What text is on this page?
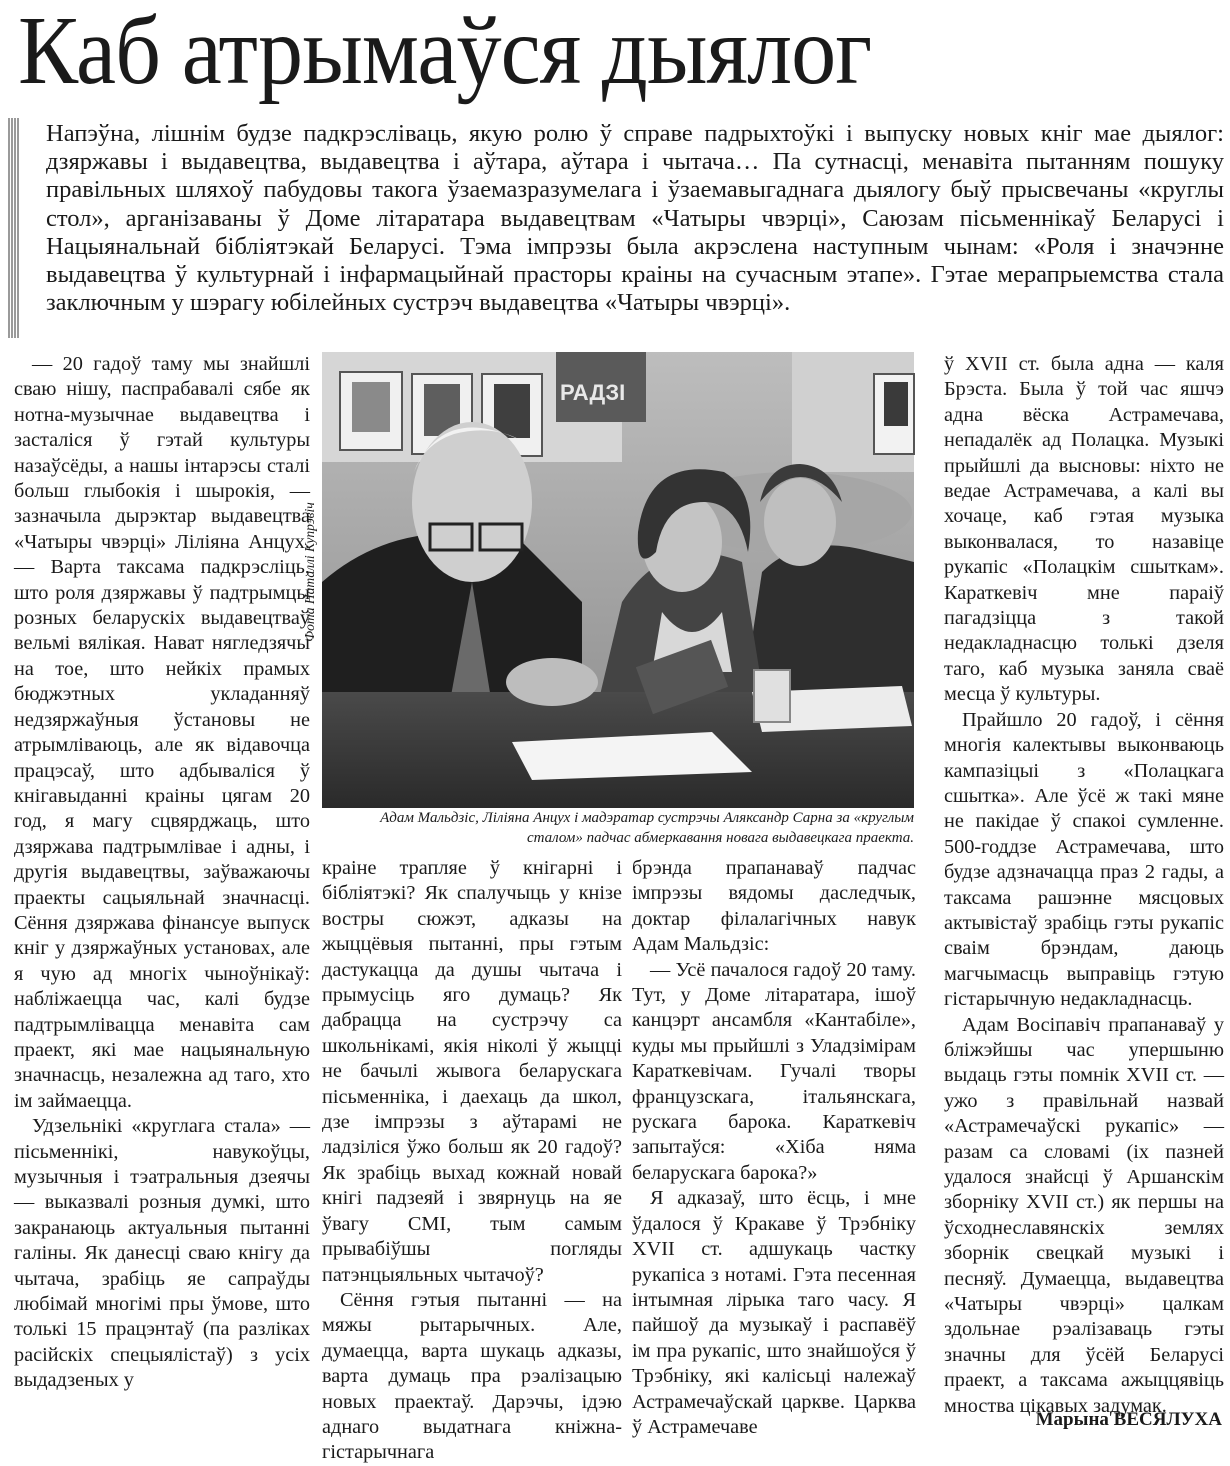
Каб атрымаўся дыялог

Напэўна, лішнім будзе падкрэсліваць, якую ролю ў справе падрыхтоўкі і выпуску новых кніг мае дыялог: дзяржавы і выдавецтва, выдавецтва і аўтара, аўтара і чытача… Па сутнасці, менавіта пытанням пошуку правільных шляхоў пабудовы такога ўзаемазразумелага і ўзаемавыгаднага дыялогу быў прысвечаны «круглы стол», арганізаваны ў Доме літаратара выдавецтвам «Чатыры чвэрці», Саюзам пісьменнікаў Беларусі і Нацыянальнай бібліятэкай Беларусі. Тэма імпрэзы была акрэслена наступным чынам: «Роля і значэнне выдавецтва ў культурнай і інфармацыйнай прасторы краіны на сучасным этапе». Гэтае мерапрыемства стала заключным у шэрагу юбілейных сустрэч выдавецтва «Чатыры чвэрці».

— 20 гадоў таму мы знайшлі сваю нішу, паспрабавалі сябе як нотна-музычнае выдавецтва і засталіся ў гэтай культуры назаўсёды, а нашы інтарэсы сталі больш глыбокія і шырокія, — зазначыла дырэктар выдавецтва «Чатыры чвэрці» Ліліяна Анцух. — Варта таксама падкрэсліць, што роля дзяржавы ў падтрымцы розных беларускіх выдавецтваў вельмі вялікая. Нават нягледзячы на тое, што нейкіх прамых бюджэтных укладанняў недзяржаўныя ўстановы не атрымліваюць, але як відавочца працэсаў, што адбываліся ў кнігавыданні краіны цягам 20 год, я магу сцвярджаць, што дзяржава падтрымлівае і адны, і другія выдавецтвы, заўважаючы праекты сацыяльнай значнасці. Сёння дзяржава фінансуе выпуск кніг у дзяржаўных установах, але я чую ад многіх чыноўнікаў: набліжаецца час, калі будзе падтрымлівацца менавіта сам праект, які мае нацыянальную значнасць, незалежна ад таго, хто ім займаецца.

Удзельнікі «круглага стала» — пісьменнікі, навукоўцы, музычныя і тэатральныя дзеячы — выказвалі розныя думкі, што закранаюць актуальныя пытанні галіны. Як данесці сваю кнігу да чытача, зрабіць яе сапраўды любімай многімі пры ўмове, што толькі 15 працэнтаў (па разліках расійскіх спецыялістаў) з усіх выдадзеных у

Фота Наталлі Купрэвіч
РАДЗІ

Адам Мальдзіс, Ліліяна Анцух і мадэратар сустрэчы Аляксандр Сарна за «круглым сталом» падчас абмеркавання новага выдавецкага праекта.

краіне трапляе ў кнігарні і бібліятэкі? Як спалучыць у кнізе востры сюжэт, адказы на жыццёвыя пытанні, пры гэтым дастукацца да душы чытача і прымусіць яго думаць? Як дабрацца на сустрэчу са школьнікамі, якія ніколі ў жыцці не бачылі жывога беларускага пісьменніка, і даехаць да школ, дзе імпрэзы з аўтарамі не ладзіліся ўжо больш як 20 гадоў? Як зрабіць выхад кожнай новай кнігі падзеяй і звярнуць на яе ўвагу СМІ, тым самым прывабіўшы погляды патэнцыяльных чытачоў?

Сёння гэтыя пытанні — на мяжы рытарычных. Але, думаецца, варта шукаць адказы, варта думаць пра рэалізацыю новых праектаў. Дарэчы, ідэю аднаго выдатнага кніжна-гістарычнага

брэнда прапанаваў падчас імпрэзы вядомы даследчык, доктар філалагічных навук Адам Мальдзіс:

— Усё пачалося гадоў 20 таму. Тут, у Доме літаратара, ішоў канцэрт ансамбля «Кантабіле», куды мы прыйшлі з Уладзімірам Караткевічам. Гучалі творы французскага, італьянскага, рускага барока. Караткевіч запытаўся: «Хіба няма беларускага барока?»

Я адказаў, што ёсць, і мне ўдалося ў Кракаве ў Трэбніку XVII ст. адшукаць частку рукапіса з нотамі. Гэта песенная інтымная лірыка таго часу. Я пайшоў да музыкаў і распавёў ім пра рукапіс, што знайшоўся ў Трэбніку, які калісьці належаў Астрамечаўскай царкве. Царква ў Астрамечаве

ў XVII ст. была адна — каля Брэста. Была ў той час яшчэ адна вёска Астрамечава, непадалёк ад Полацка. Музыкі прыйшлі да высновы: ніхто не ведае Астрамечава, а калі вы хочаце, каб гэтая музыка выконвалася, то назавіце рукапіс «Полацкім сшыткам». Караткевіч мне параіў пагадзіцца з такой недакладнасцю толькі дзеля таго, каб музыка заняла сваё месца ў культуры.

Прайшло 20 гадоў, і сёння многія калектывы выконваюць кампазіцыі з «Полацкага сшытка». Але ўсё ж такі мяне не пакідае ў спакоі сумленне. 500-годдзе Астрамечава, што будзе адзначацца праз 2 гады, а таксама рашэнне мясцовых актывістаў зрабіць гэты рукапіс сваім брэндам, даюць магчымасць выправіць гэтую гістарычную недакладнасць.

Адам Восіпавіч прапанаваў у бліжэйшы час упершыню выдаць гэты помнік XVII ст. — ужо з правільнай назвай «Астрамечаўскі рукапіс» — разам са словамі (іх пазней удалося знайсці ў Аршанскім зборніку XVII ст.) як першы на ўсходнеславянскіх землях зборнік свецкай музыкі і песняў. Думаецца, выдавецтва «Чатыры чвэрці» цалкам здольнае рэалізаваць гэты значны для ўсёй Беларусі праект, а таксама ажыццявіць мноства цікавых задумак.

Марына ВЕСЯЛУХА
